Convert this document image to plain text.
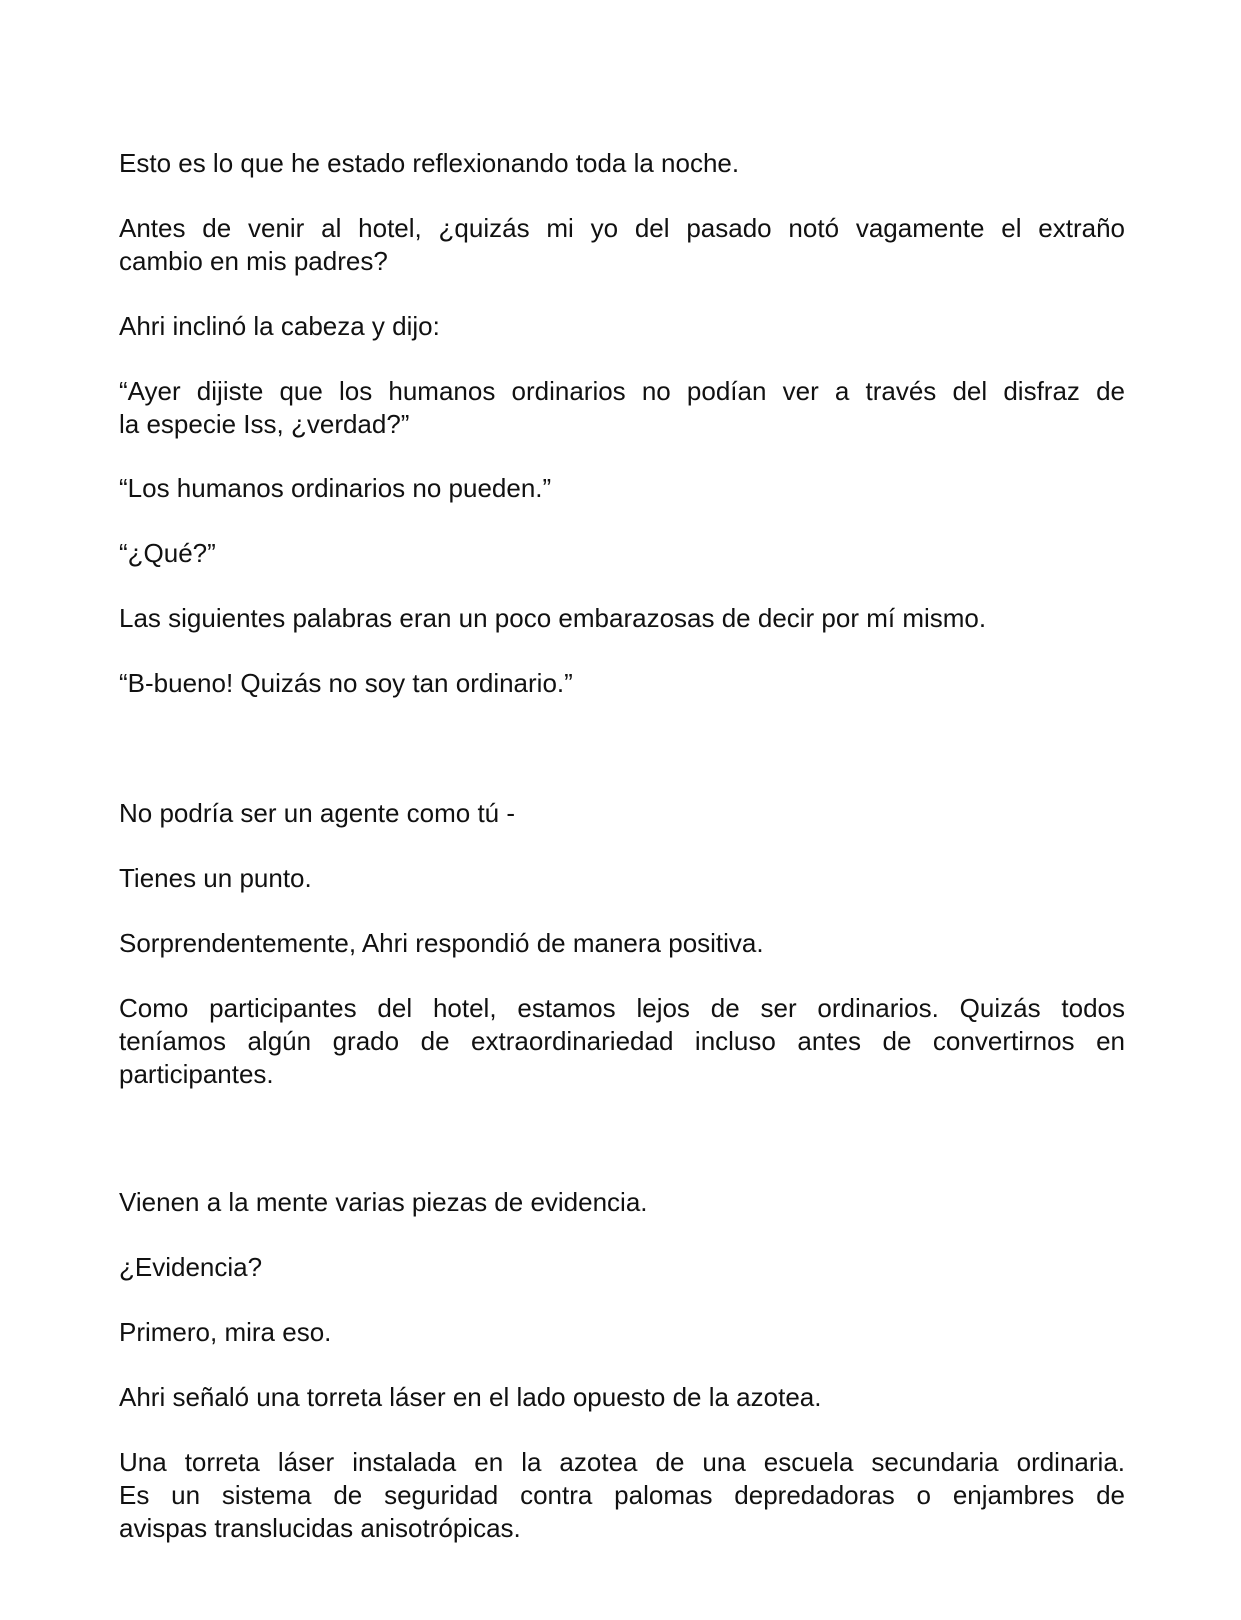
Esto es lo que he estado reflexionando toda la noche.

Antes de venir al hotel, ¿quizás mi yo del pasado notó vagamente el extraño
cambio en mis padres?

Ahri inclinó la cabeza y dijo:

“Ayer dijiste que los humanos ordinarios no podían ver a través del disfraz de
la especie Iss, ¿verdad?”

“Los humanos ordinarios no pueden.”

“¿Qué?”

Las siguientes palabras eran un poco embarazosas de decir por mí mismo.

“B-bueno! Quizás no soy tan ordinario.”

No podría ser un agente como tú -

Tienes un punto.

Sorprendentemente, Ahri respondió de manera positiva.

Como participantes del hotel, estamos lejos de ser ordinarios. Quizás todos
teníamos algún grado de extraordinariedad incluso antes de convertirnos en
participantes.

Vienen a la mente varias piezas de evidencia.

¿Evidencia?

Primero, mira eso.

Ahri señaló una torreta láser en el lado opuesto de la azotea.

Una torreta láser instalada en la azotea de una escuela secundaria ordinaria.
Es un sistema de seguridad contra palomas depredadoras o enjambres de
avispas translucidas anisotrópicas.
